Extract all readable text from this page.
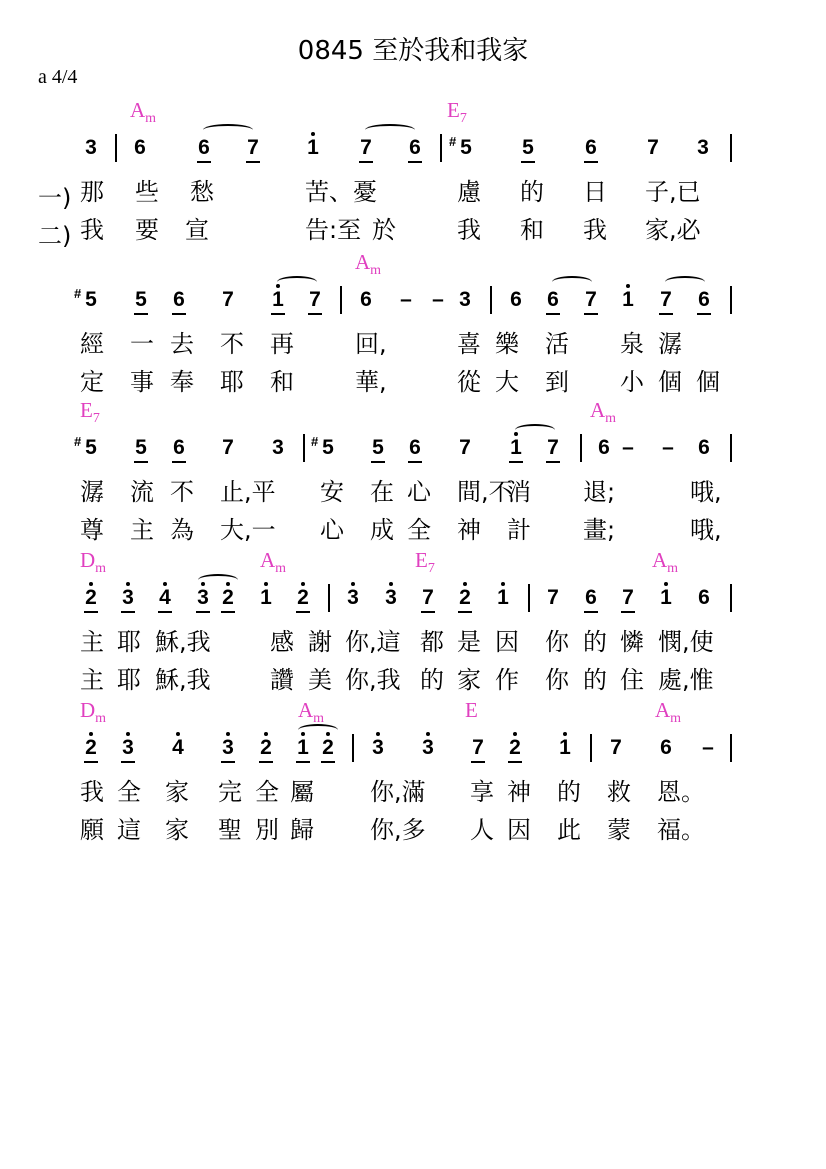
0845 至於我和我家
a 4/4
$A_m$	$E_7$
3 6 6 7 1 7 6 5
#	5 6 7 3
一) 那 些 愁	苦、憂	慮 的 日 子,已
二) 我 要 宣	告:至 於	我 和 我 家,必
$A_m$
5
#	5 6 7 1 7 6 – – 3 6 6 7 1 7 6
經 一 去 不 再	回,	喜 樂 活 泉 潺
定 事 奉 耶 和	華,	從 大 到 小 個 個
$E_7$	$A_m$
5
#	5 6 7 3 5
#	5 6 7 1 7 6 – – 6
潺 流 不 止,平 安 在 心 間,不
消 退;	哦,
尊 主 為 大,一 心 成 全 神 計 畫;	哦,
$D_m$	$A_m$	$E_7$	$A_m$
2 3 4 3 2 1 2 3 3 7 2 1 7 6 7 1 6
主 耶 穌,我 感 謝 你,這 都 是 因 你 的 憐 憫,使
主 耶 穌,我 讚 美 你,我 的 家 作 你 的 住 處,惟
$D_m$	$A_m$	E	$A_m$
2 3 4 3 2 1 2 3 3 7 2 1 7 6 –
我 全 家 完 全 屬 你,滿 享 神 的 救 恩。
願 這 家 聖 別 歸 你,多 人 因 此 蒙 福。
